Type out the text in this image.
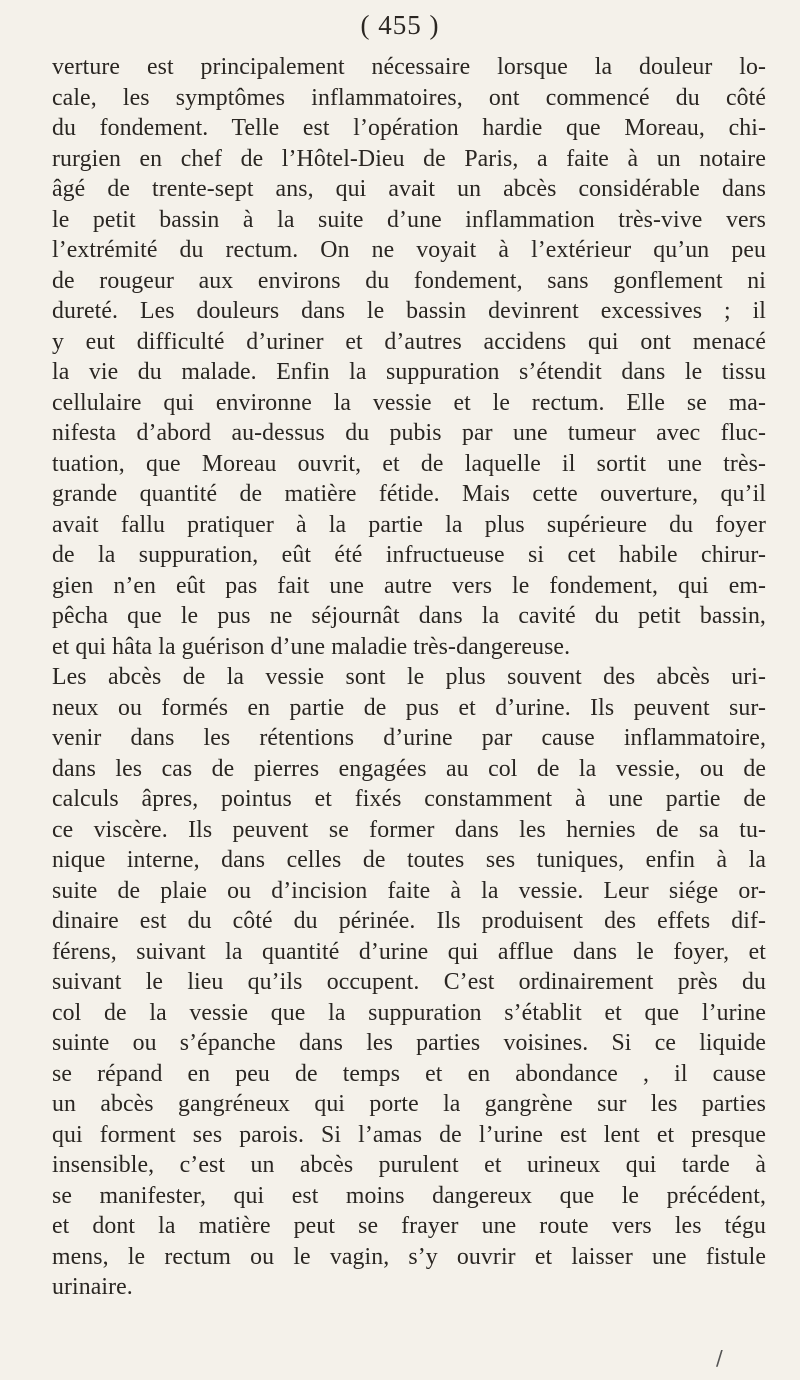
( 455 )
verture est principalement nécessaire lorsque la douleur lo-
cale, les symptômes inflammatoires, ont commencé du côté
du fondement. Telle est l’opération hardie que Moreau, chi-
rurgien en chef de l’Hôtel-Dieu de Paris, a faite à un notaire
âgé de trente-sept ans, qui avait un abcès considérable dans
le petit bassin à la suite d’une inflammation très-vive vers
l’extrémité du rectum. On ne voyait à l’extérieur qu’un peu
de rougeur aux environs du fondement, sans gonflement ni
dureté. Les douleurs dans le bassin devinrent excessives ; il
y eut difficulté d’uriner et d’autres accidens qui ont menacé
la vie du malade. Enfin la suppuration s’étendit dans le tissu
cellulaire qui environne la vessie et le rectum. Elle se ma-
nifesta d’abord au-dessus du pubis par une tumeur avec fluc-
tuation, que Moreau ouvrit, et de laquelle il sortit une très-
grande quantité de matière fétide. Mais cette ouverture, qu’il
avait fallu pratiquer à la partie la plus supérieure du foyer
de la suppuration, eût été infructueuse si cet habile chirur-
gien n’en eût pas fait une autre vers le fondement, qui em-
pêcha que le pus ne séjournât dans la cavité du petit bassin,
et qui hâta la guérison d’une maladie très-dangereuse.
Les abcès de la vessie sont le plus souvent des abcès uri-
neux ou formés en partie de pus et d’urine. Ils peuvent sur-
venir dans les rétentions d’urine par cause inflammatoire,
dans les cas de pierres engagées au col de la vessie, ou de
calculs âpres, pointus et fixés constamment à une partie de
ce viscère. Ils peuvent se former dans les hernies de sa tu-
nique interne, dans celles de toutes ses tuniques, enfin à la
suite de plaie ou d’incision faite à la vessie. Leur siége or-
dinaire est du côté du périnée. Ils produisent des effets dif-
férens, suivant la quantité d’urine qui afflue dans le foyer, et
suivant le lieu qu’ils occupent. C’est ordinairement près du
col de la vessie que la suppuration s’établit et que l’urine
suinte ou s’épanche dans les parties voisines. Si ce liquide
se répand en peu de temps et en abondance , il cause
un abcès gangréneux qui porte la gangrène sur les parties
qui forment ses parois. Si l’amas de l’urine est lent et presque
insensible, c’est un abcès purulent et urineux qui tarde à
se manifester, qui est moins dangereux que le précédent,
et dont la matière peut se frayer une route vers les tégu
mens, le rectum ou le vagin, s’y ouvrir et laisser une fistule
urinaire.
/
